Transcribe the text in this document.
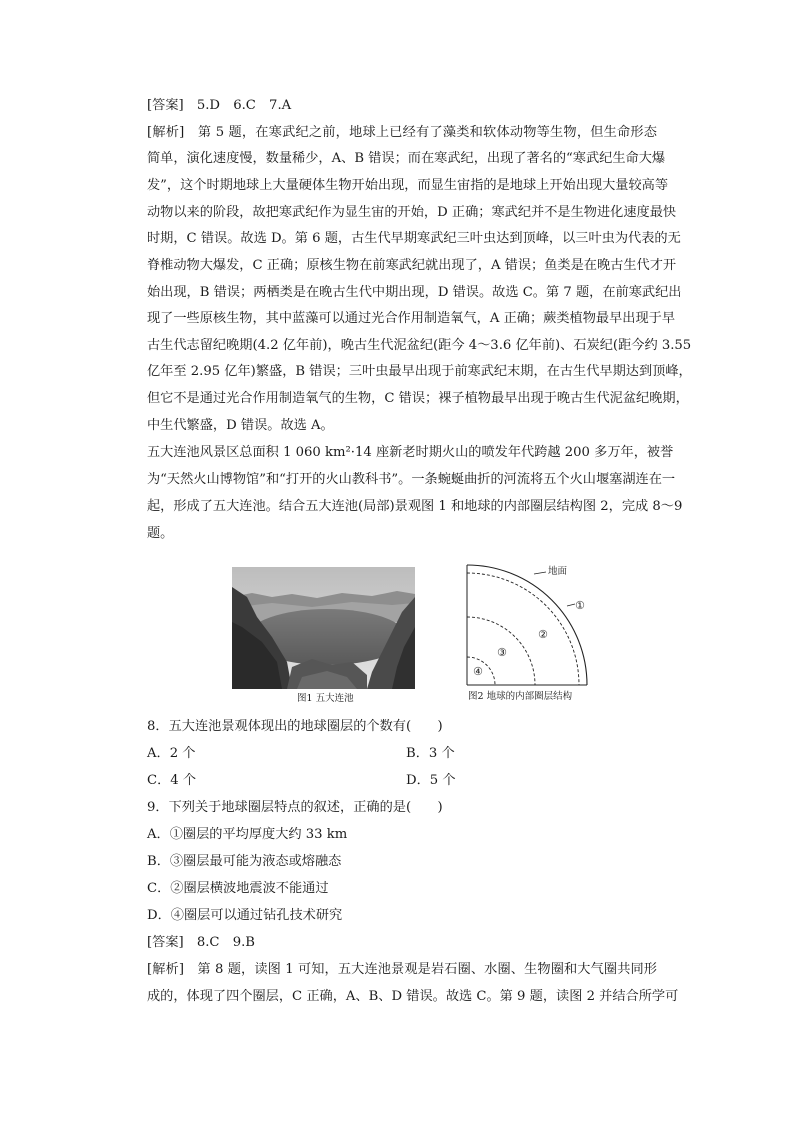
[答案]　5.D　6.C　7.A
[解析]　第 5 题，在寒武纪之前，地球上已经有了藻类和软体动物等生物，但生命形态
简单，演化速度慢，数量稀少，A、B 错误；而在寒武纪，出现了著名的“寒武纪生命大爆
发”，这个时期地球上大量硬体生物开始出现，而显生宙指的是地球上开始出现大量较高等
动物以来的阶段，故把寒武纪作为显生宙的开始，D 正确；寒武纪并不是生物进化速度最快
时期，C 错误。故选 D。第 6 题，古生代早期寒武纪三叶虫达到顶峰，以三叶虫为代表的无
脊椎动物大爆发，C 正确；原核生物在前寒武纪就出现了，A 错误；鱼类是在晚古生代才开
始出现，B 错误；两栖类是在晚古生代中期出现，D 错误。故选 C。第 7 题，在前寒武纪出
现了一些原核生物，其中蓝藻可以通过光合作用制造氧气，A 正确；蕨类植物最早出现于早
古生代志留纪晚期(4.2 亿年前)，晚古生代泥盆纪(距今 4～3.6 亿年前)、石炭纪(距今约 3.55
亿年至 2.95 亿年)繁盛，B 错误；三叶虫最早出现于前寒武纪末期，在古生代早期达到顶峰，
但它不是通过光合作用制造氧气的生物，C 错误；裸子植物最早出现于晚古生代泥盆纪晚期，
中生代繁盛，D 错误。故选 A。
五大连池风景区总面积 1 060 km²·14 座新老时期火山的喷发年代跨越 200 多万年，被誉
为“天然火山博物馆”和“打开的火山教科书”。一条蜿蜒曲折的河流将五个火山堰塞湖连在一
起，形成了五大连池。结合五大连池(局部)景观图 1 和地球的内部圈层结构图 2，完成 8～9
题。
图1 五大连池
地面
①
②
③
④
图2 地球的内部圈层结构
8．五大连池景观体现出的地球圈层的个数有(　　)
A．2 个	B．3 个
C．4 个	D．5 个
9．下列关于地球圈层特点的叙述，正确的是(　　)
A．①圈层的平均厚度大约 33 km
B．③圈层最可能为液态或熔融态
C．②圈层横波地震波不能通过
D．④圈层可以通过钻孔技术研究
[答案]　8.C　9.B
[解析]　第 8 题，读图 1 可知，五大连池景观是岩石圈、水圈、生物圈和大气圈共同形
成的，体现了四个圈层，C 正确，A、B、D 错误。故选 C。第 9 题，读图 2 并结合所学可
